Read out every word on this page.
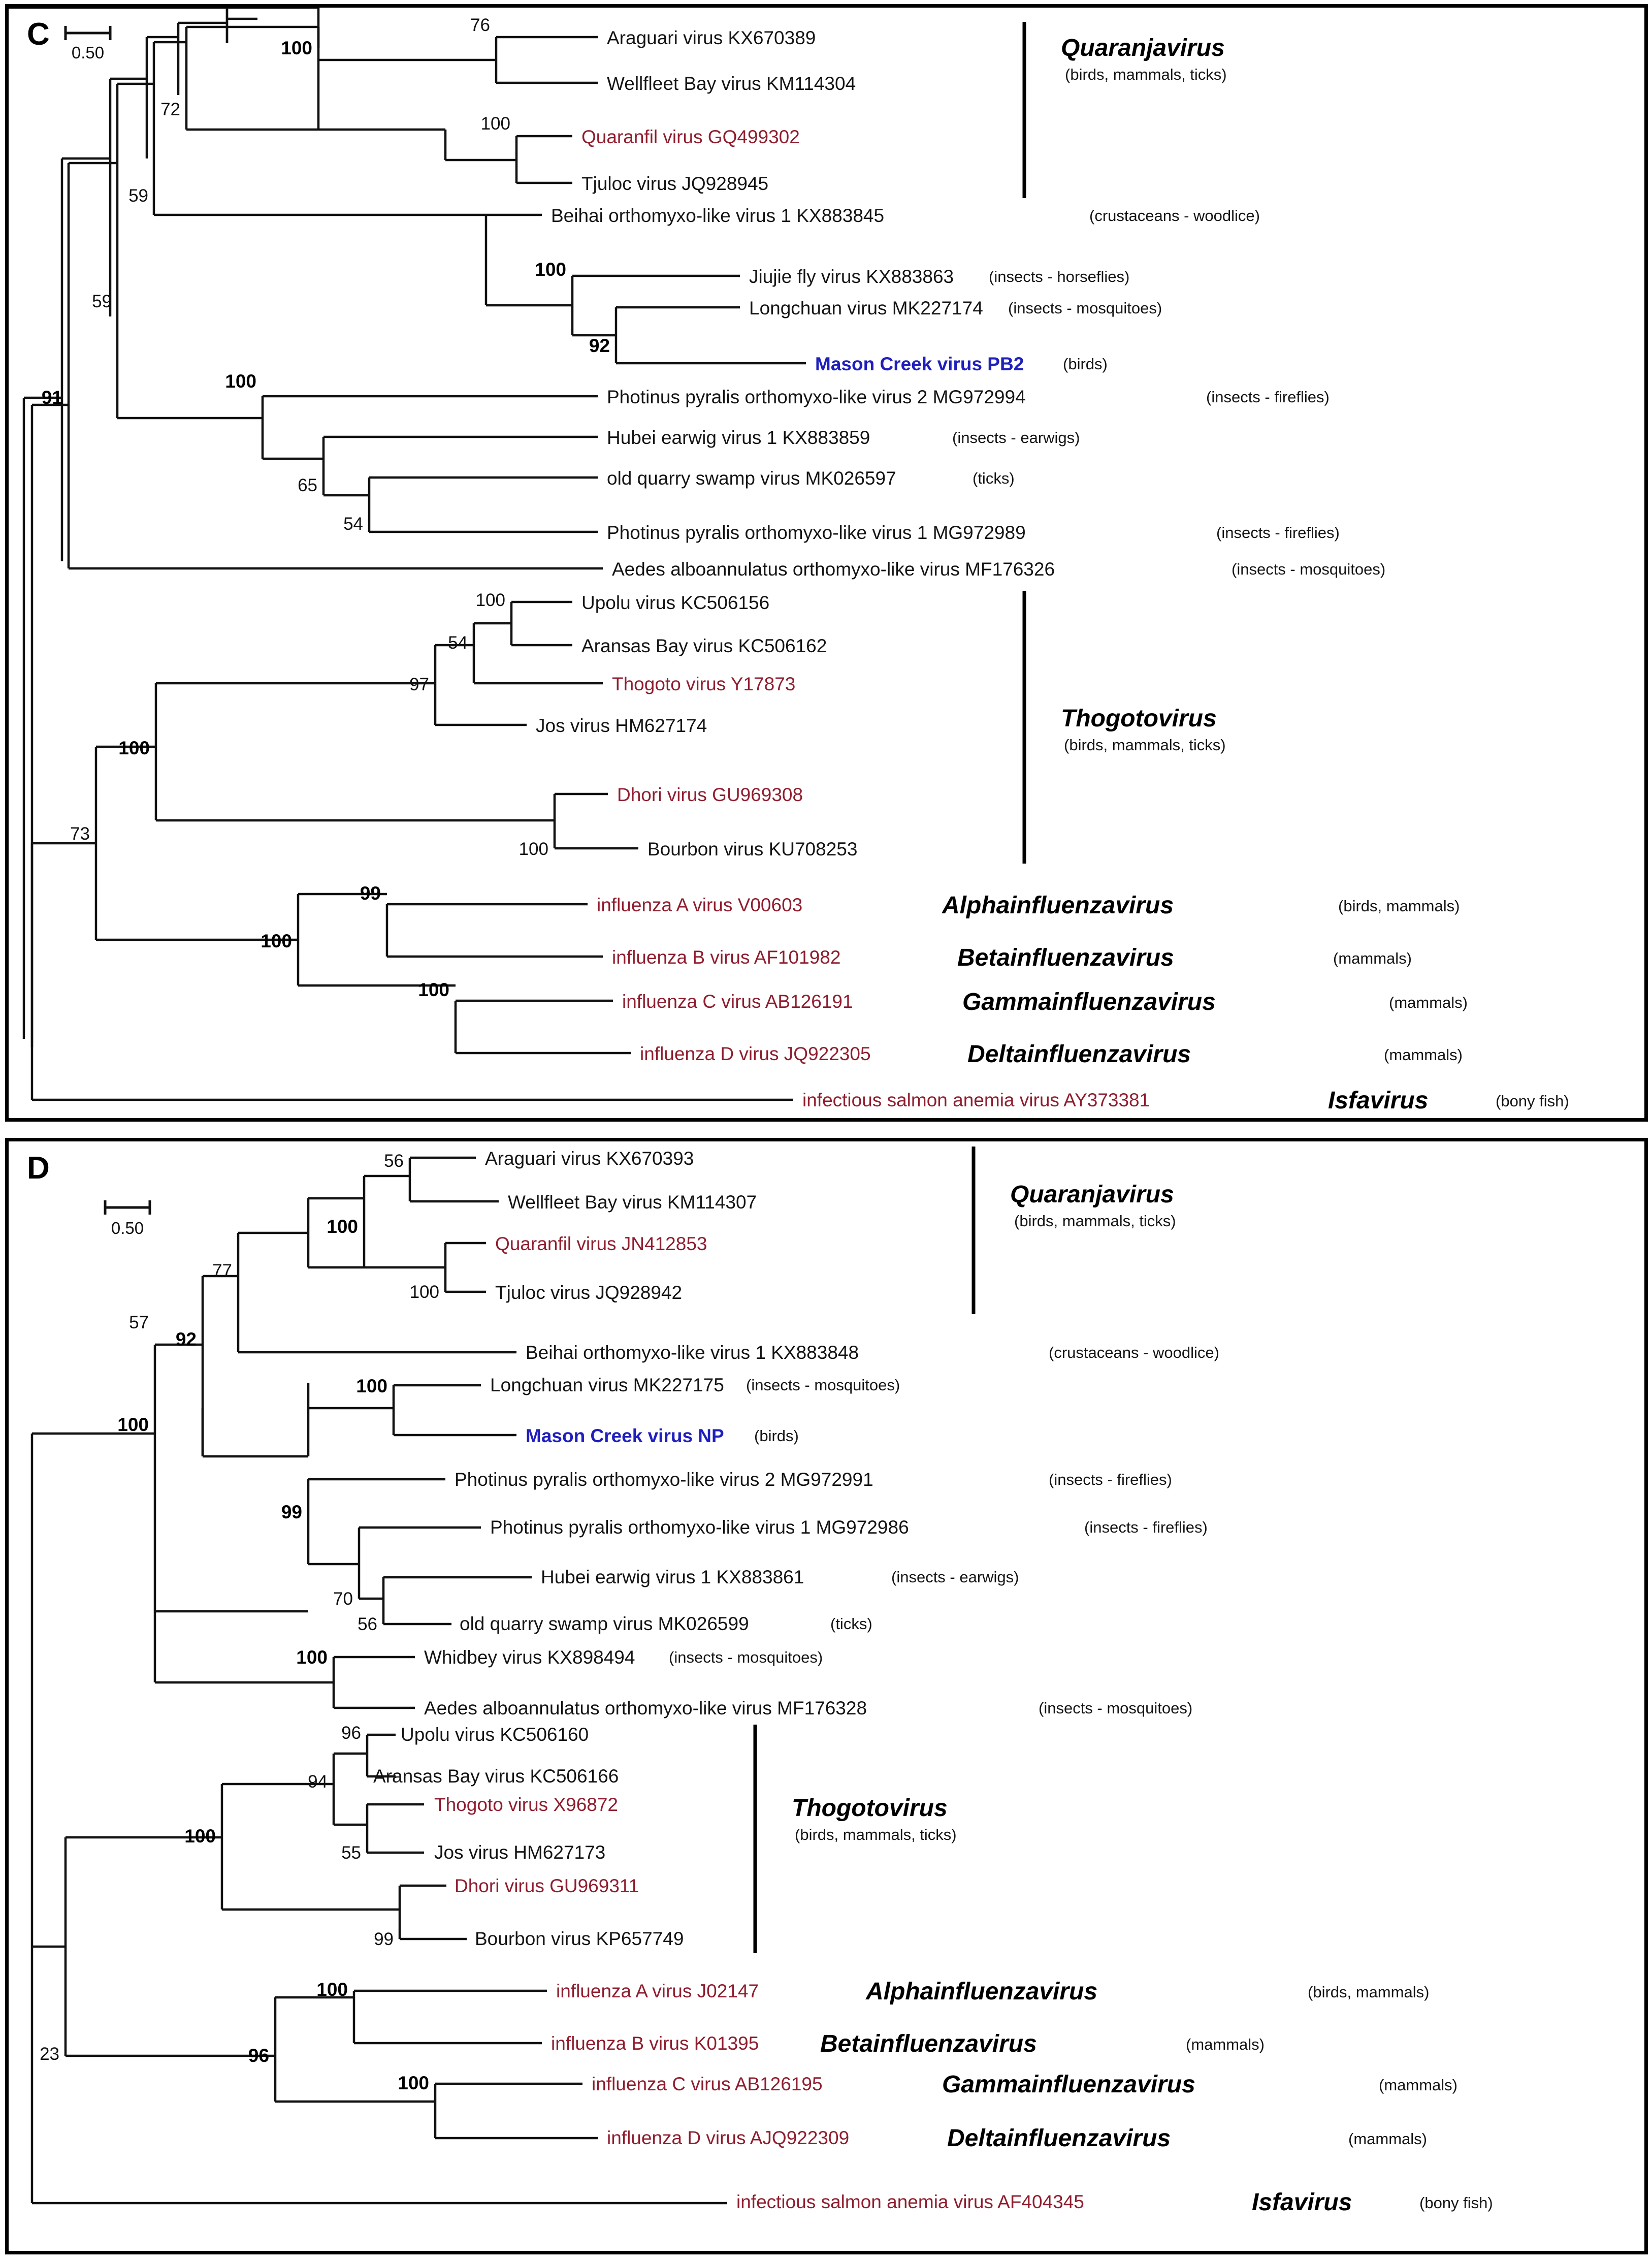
C
0.50
76
100
100
72
59
59
100
92
100
65
54
91
100
54
97
100
100
73
99
100
100
Araguari virus KX670389
Wellfleet Bay virus KM114304
Quaranfil virus GQ499302
Tjuloc virus JQ928945
Beihai orthomyxo-like virus 1 KX883845	(crustaceans - woodlice)
Jiujie fly virus KX883863 (insects - horseflies)
Longchuan virus MK227174 (insects - mosquitoes)
Mason Creek virus PB2 (birds)
Photinus pyralis orthomyxo-like virus 2 MG972994	(insects - fireflies)
Hubei earwig virus 1 KX883859	(insects - earwigs)
old quarry swamp virus MK026597	(ticks)
Photinus pyralis orthomyxo-like virus 1 MG972989	(insects - fireflies)
Aedes alboannulatus orthomyxo-like virus MF176326	(insects - mosquitoes)
Upolu virus KC506156
Aransas Bay virus KC506162
Thogoto virus Y17873
Jos virus HM627174
Dhori virus GU969308
Bourbon virus KU708253
influenza A virus V00603	Alphainfluenzavirus	(birds, mammals)
influenza B virus AF101982	Betainfluenzavirus	(mammals)
influenza C virus AB126191	Gammainfluenzavirus	(mammals)
influenza D virus JQ922305	Deltainfluenzavirus	(mammals)
infectious salmon anemia virus AY373381	Isfavirus	(bony fish)
Quaranjavirus
(birds, mammals, ticks)
Thogotovirus
(birds, mammals, ticks)
D
0.50
56
100
100
77
92
57
100
99
70
56
100
100
96
94
55
100
99
23
100
96
100
Araguari virus KX670393
Wellfleet Bay virus KM114307
Quaranfil virus JN412853
Tjuloc virus JQ928942
Beihai orthomyxo-like virus 1 KX883848	(crustaceans - woodlice)
Longchuan virus MK227175 (insects - mosquitoes)
Mason Creek virus NP (birds)
Photinus pyralis orthomyxo-like virus 2 MG972991	(insects - fireflies)
Photinus pyralis orthomyxo-like virus 1 MG972986	(insects - fireflies)
Hubei earwig virus 1 KX883861	(insects - earwigs)
old quarry swamp virus MK026599	(ticks)
Whidbey virus KX898494 (insects - mosquitoes)
Aedes alboannulatus orthomyxo-like virus MF176328	(insects - mosquitoes)
Upolu virus KC506160
Aransas Bay virus KC506166
Thogoto virus X96872
Jos virus HM627173
Dhori virus GU969311
Bourbon virus KP657749
influenza A virus J02147	Alphainfluenzavirus	(birds, mammals)
influenza B virus K01395	Betainfluenzavirus	(mammals)
influenza C virus AB126195	Gammainfluenzavirus	(mammals)
influenza D virus AJQ922309	Deltainfluenzavirus	(mammals)
infectious salmon anemia virus AF404345	Isfavirus	(bony fish)
Quaranjavirus
(birds, mammals, ticks)
Thogotovirus
(birds, mammals, ticks)
